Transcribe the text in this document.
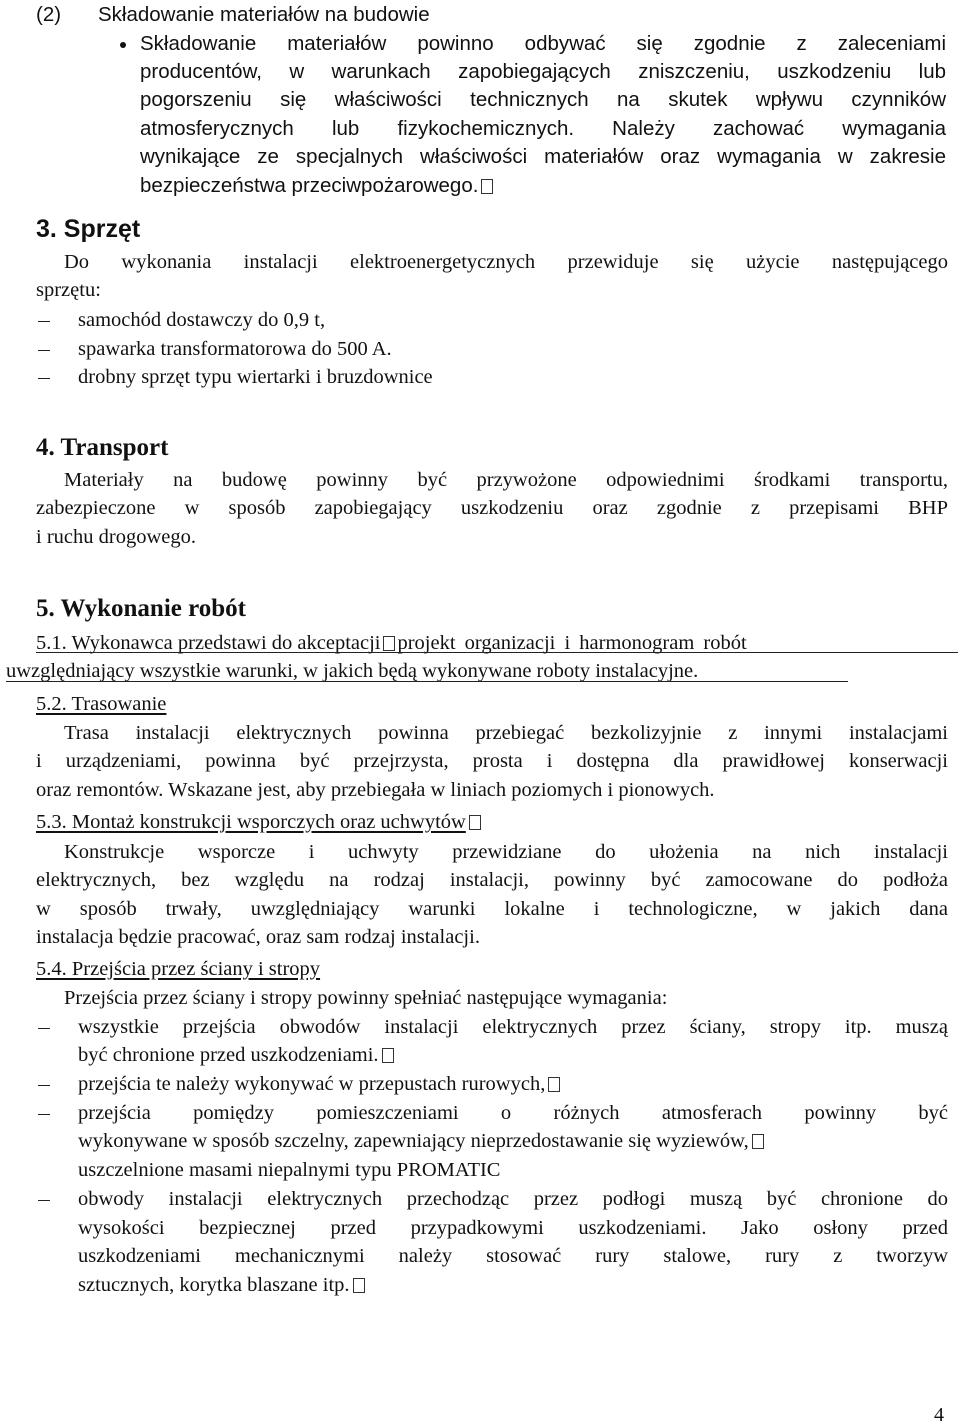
(2) Składowanie materiałów na budowie
Składowanie materiałów powinno odbywać się zgodnie z zaleceniami
producentów, w warunkach zapobiegających zniszczeniu, uszkodzeniu lub
pogorszeniu się właściwości technicznych na skutek wpływu czynników
atmosferycznych lub fizykochemicznych. Należy zachować wymagania
wynikające ze specjalnych właściwości materiałów oraz wymagania w zakresie
bezpieczeństwa przeciwpożarowego.
3. Sprzęt
Do wykonania instalacji elektroenergetycznych przewiduje się użycie następującego
sprzętu:
samochód dostawczy do 0,9 t,
spawarka transformatorowa do 500 A.
drobny sprzęt typu wiertarki i bruzdownice
4. Transport
Materiały na budowę powinny być przywożone odpowiednimi środkami transportu,
zabezpieczone w sposób zapobiegający uszkodzeniu oraz zgodnie z przepisami BHP
i ruchu drogowego.
5. Wykonanie robót
5.1. Wykonawca przedstawi do akceptacji projekt organizacji i harmonogram robót
uwzględniający wszystkie warunki, w jakich będą wykonywane roboty instalacyjne.
5.2. Trasowanie
Trasa instalacji elektrycznych powinna przebiegać bezkolizyjnie z innymi instalacjami
i urządzeniami, powinna być przejrzysta, prosta i dostępna dla prawidłowej konserwacji
oraz remontów. Wskazane jest, aby przebiegała w liniach poziomych i pionowych.
5.3. Montaż konstrukcji wsporczych oraz uchwytów
Konstrukcje wsporcze i uchwyty przewidziane do ułożenia na nich instalacji
elektrycznych, bez względu na rodzaj instalacji, powinny być zamocowane do podłoża
w sposób trwały, uwzględniający warunki lokalne i technologiczne, w jakich dana
instalacja będzie pracować, oraz sam rodzaj instalacji.
5.4. Przejścia przez ściany i stropy
Przejścia przez ściany i stropy powinny spełniać następujące wymagania:
wszystkie przejścia obwodów instalacji elektrycznych przez ściany, stropy itp. muszą
być chronione przed uszkodzeniami.
przejścia te należy wykonywać w przepustach rurowych,
przejścia pomiędzy pomieszczeniami o różnych atmosferach powinny być
wykonywane w sposób szczelny, zapewniający nieprzedostawanie się wyziewów,
uszczelnione masami niepalnymi typu PROMATIC
obwody instalacji elektrycznych przechodząc przez podłogi muszą być chronione do
wysokości bezpiecznej przed przypadkowymi uszkodzeniami. Jako osłony przed
uszkodzeniami mechanicznymi należy stosować rury stalowe, rury z tworzyw
sztucznych, korytka blaszane itp.
4
